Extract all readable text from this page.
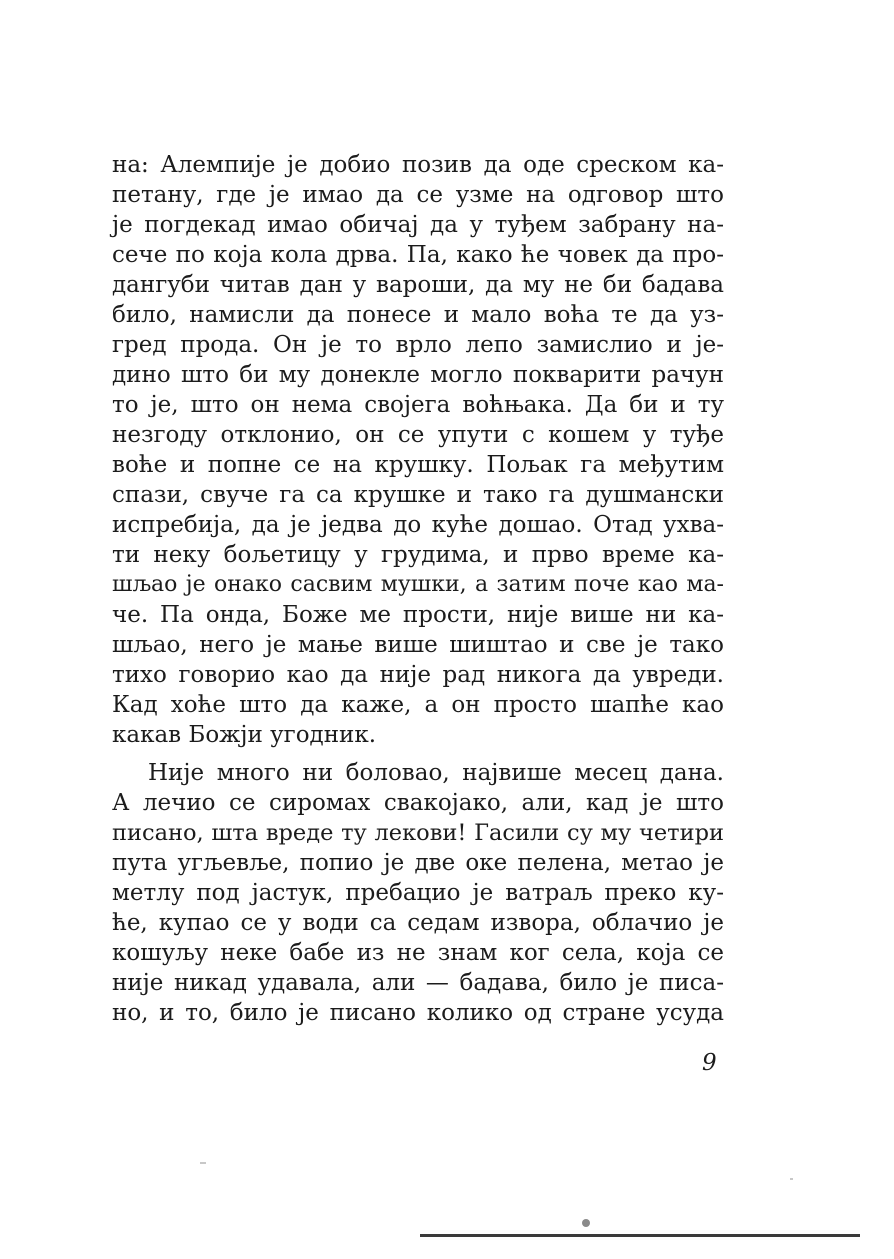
на: Алемпије је добио позив да оде среском ка-
петану, где је имао да се узме на одговор што
је погдекад имао обичај да у туђем забрану на-
сече по која кола дрва. Па, како ће човек да про-
дангуби читав дан у вароши, да му не би бадава
било, намисли да понесе и мало воћа те да уз-
гред прода. Он је то врло лепо замислио и је-
дино што би му донекле могло покварити рачун
то је, што он нема својега воћњака. Да би и ту
незгоду отклонио, он се упути с кошем у туђе
воће и попне се на крушку. Пољак га међутим
спази, свуче га са крушке и тако га душмански
испребија, да је једва до куће дошао. Отад ухва-
ти неку бољетицу у грудима, и прво време ка-
шљао је онако сасвим мушки, а затим поче као ма-
че. Па онда, Боже ме прости, није више ни ка-
шљао, него је мање више шиштао и све је тако
тихо говорио као да није рад никога да увреди.
Кад хоће што да каже, а он просто шапће као
какав Божји угодник.
Није много ни боловао, највише месец дана.
А лечио се сиромах свакојако, али, кад је што
писано, шта вреде ту лекови! Гасили су му четири
пута угљевље, попио је две оке пелена, метао је
метлу под јастук, пребацио је ватраљ преко ку-
ће, купао се у води са седам извора, облачио је
кошуљу неке бабе из не знам ког села, која се
није никад удавала, али — бадава, било је писа-
но, и то, било је писано колико од стране усуда
9
